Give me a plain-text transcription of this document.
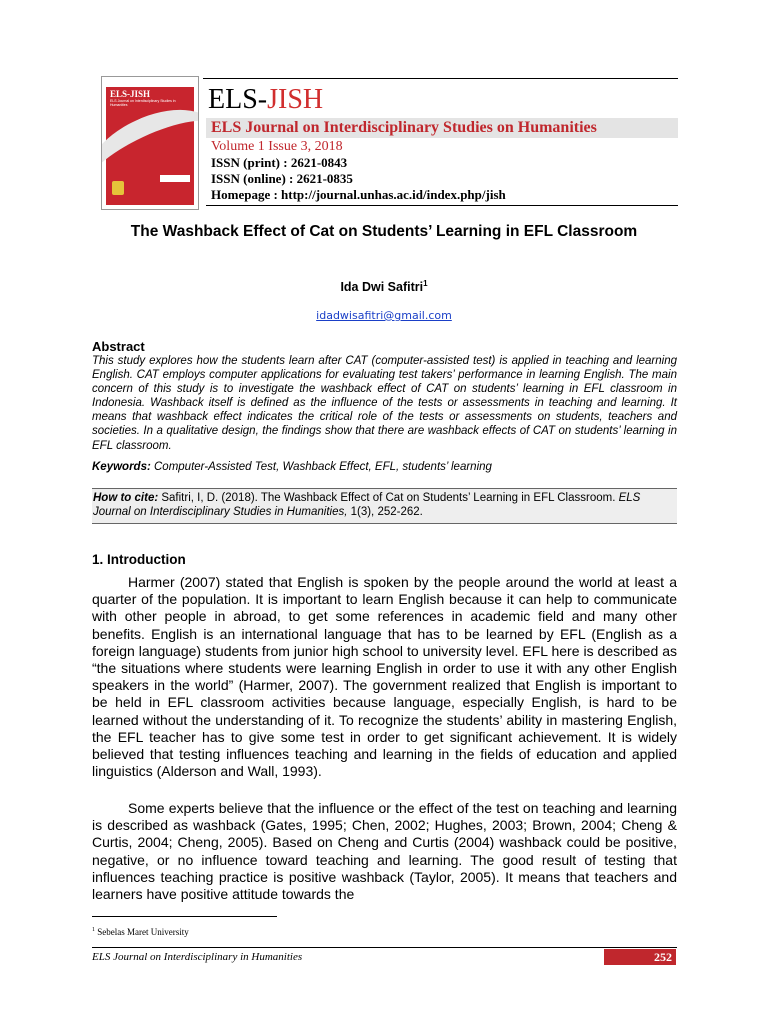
ELS-JISH
ELS Journal on Interdisciplinary Studies in Humanities	ELS-JISH
ELS Journal on Interdisciplinary Studies on Humanities
Volume 1 Issue 3, 2018
ISSN (print) : 2621-0843
ISSN (online) : 2621-0835
Homepage : http://journal.unhas.ac.id/index.php/jish
The Washback Effect of Cat on Students’ Learning in EFL Classroom
Ida Dwi Safitri$^1$
idadwisafitri@gmail.com
Abstract
This study explores how the students learn after CAT (computer-assisted test) is applied in teaching and learning English. CAT employs computer applications for evaluating test takers’ performance in learning English. The main concern of this study is to investigate the washback effect of CAT on students’ learning in EFL classroom in Indonesia. Washback itself is defined as the influence of the tests or assessments in teaching and learning. It means that washback effect indicates the critical role of the tests or assessments on students, teachers and societies. In a qualitative design, the findings show that there are washback effects of CAT on students’ learning in EFL classroom.
Keywords: Computer-Assisted Test, Washback Effect, EFL, students’ learning
How to cite: Safitri, I, D. (2018). The Washback Effect of Cat on Students’ Learning in EFL Classroom. ELS Journal on Interdisciplinary Studies in Humanities, 1(3), 252-262.
1. Introduction
Harmer (2007) stated that English is spoken by the people around the world at least a quarter of the population. It is important to learn English because it can help to communicate with other people in abroad, to get some references in academic field and many other benefits. English is an international language that has to be learned by EFL (English as a foreign language) students from junior high school to university level. EFL here is described as “the situations where students were learning English in order to use it with any other English speakers in the world” (Harmer, 2007). The government realized that English is important to be held in EFL classroom activities because language, especially English, is hard to be learned without the understanding of it. To recognize the students’ ability in mastering English, the EFL teacher has to give some test in order to get significant achievement. It is widely believed that testing influences teaching and learning in the fields of education and applied linguistics (Alderson and Wall, 1993).
Some experts believe that the influence or the effect of the test on teaching and learning is described as washback (Gates, 1995; Chen, 2002; Hughes, 2003; Brown, 2004; Cheng & Curtis, 2004; Cheng, 2005). Based on Cheng and Curtis (2004) washback could be positive, negative, or no influence toward teaching and learning. The good result of testing that influences teaching practice is positive washback (Taylor, 2005). It means that teachers and learners have positive attitude towards the
$^1$ Sebelas Maret University
ELS Journal on Interdisciplinary in Humanities	252
